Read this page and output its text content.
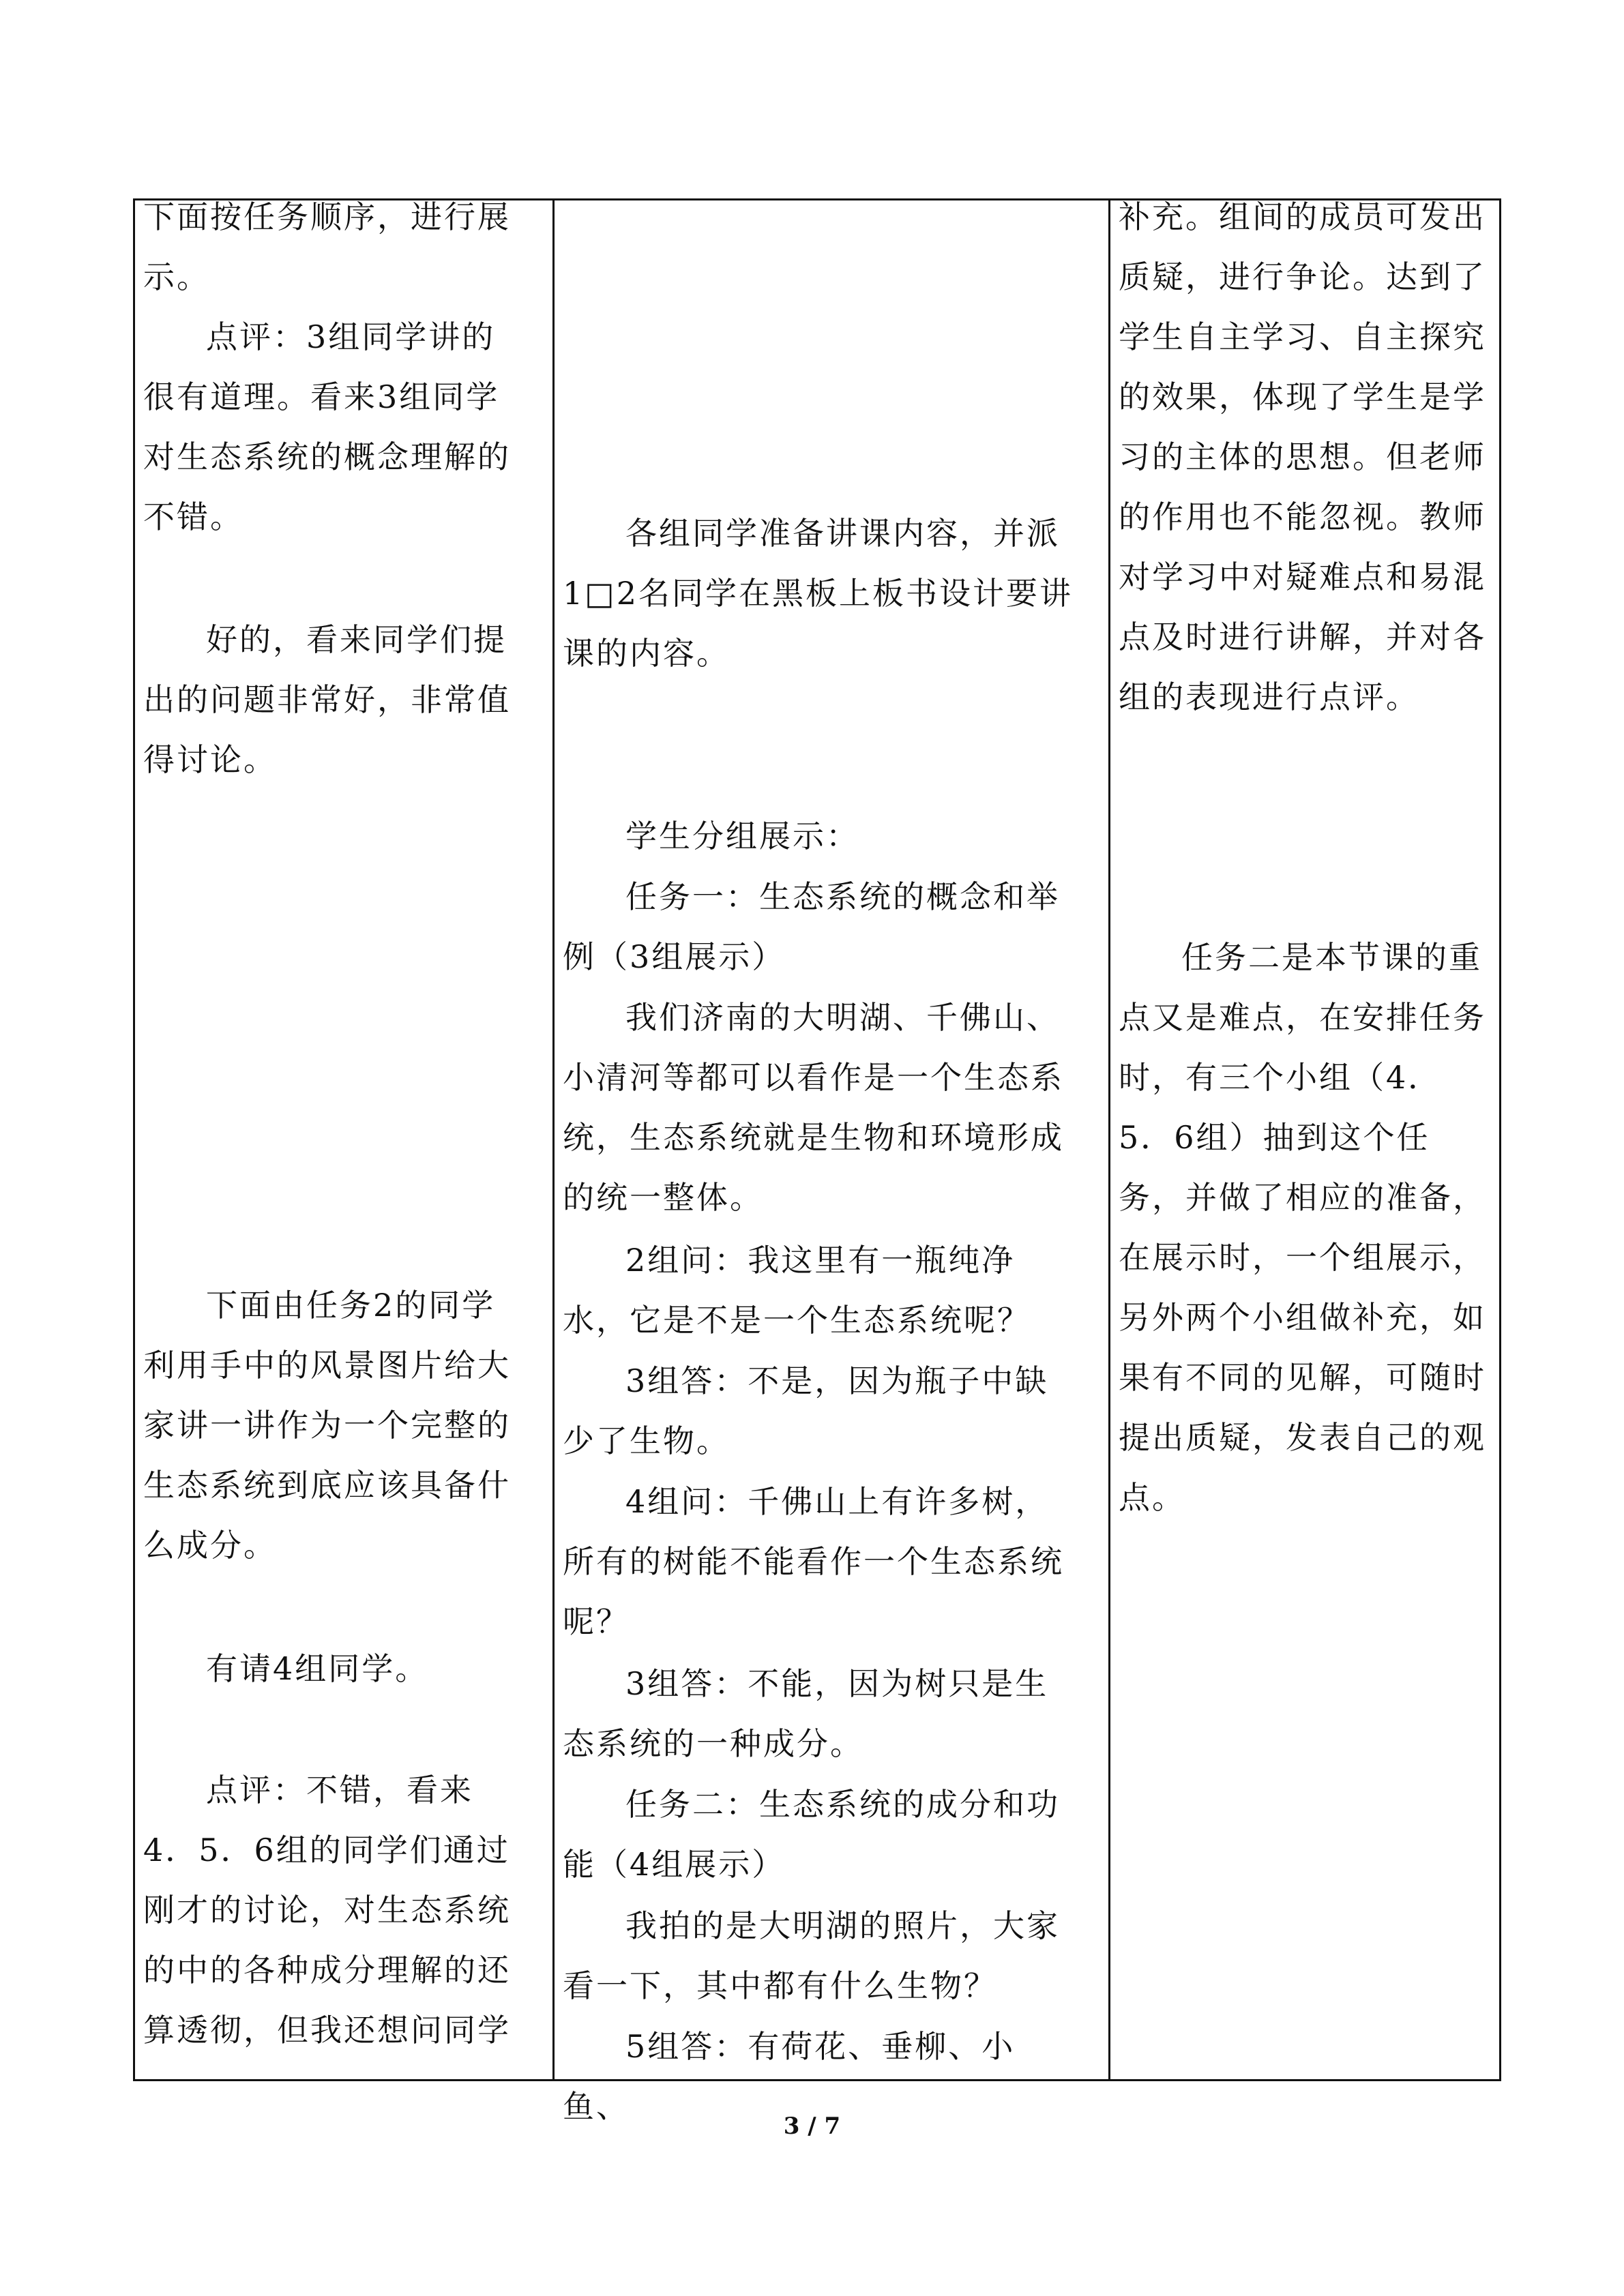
下面按任务顺序，进行展示。

点评：3组同学讲的很有道理。看来3组同学对生态系统的概念理解的不错。

好的，看来同学们提出的问题非常好，非常值得讨论。

下面由任务2的同学利用手中的风景图片给大家讲一讲作为一个完整的生态系统到底应该具备什么成分。

有请4组同学。

点评：不错，看来4．5．6组的同学们通过刚才的讨论，对生态系统的中的各种成分理解的还算透彻，但我还想问同学

各组同学准备讲课内容，并派1□2名同学在黑板上板书设计要讲课的内容。

学生分组展示：

任务一：生态系统的概念和举例（3组展示）

我们济南的大明湖、千佛山、小清河等都可以看作是一个生态系统，生态系统就是生物和环境形成的统一整体。

2组问：我这里有一瓶纯净水，它是不是一个生态系统呢？

3组答：不是，因为瓶子中缺少了生物。

4组问：千佛山上有许多树，所有的树能不能看作一个生态系统呢？

3组答：不能，因为树只是生态系统的一种成分。

任务二：生态系统的成分和功能（4组展示）

我拍的是大明湖的照片，大家看一下，其中都有什么生物？

5组答：有荷花、垂柳、小鱼、

补充。组间的成员可发出质疑，进行争论。达到了学生自主学习、自主探究的效果，体现了学生是学习的主体的思想。但老师的作用也不能忽视。教师对学习中对疑难点和易混点及时进行讲解，并对各组的表现进行点评。

任务二是本节课的重点又是难点，在安排任务时，有三个小组（4．5．6组）抽到这个任务，并做了相应的准备，在展示时，一个组展示，另外两个小组做补充，如果有不同的见解，可随时提出质疑，发表自己的观点。

3 / 7
